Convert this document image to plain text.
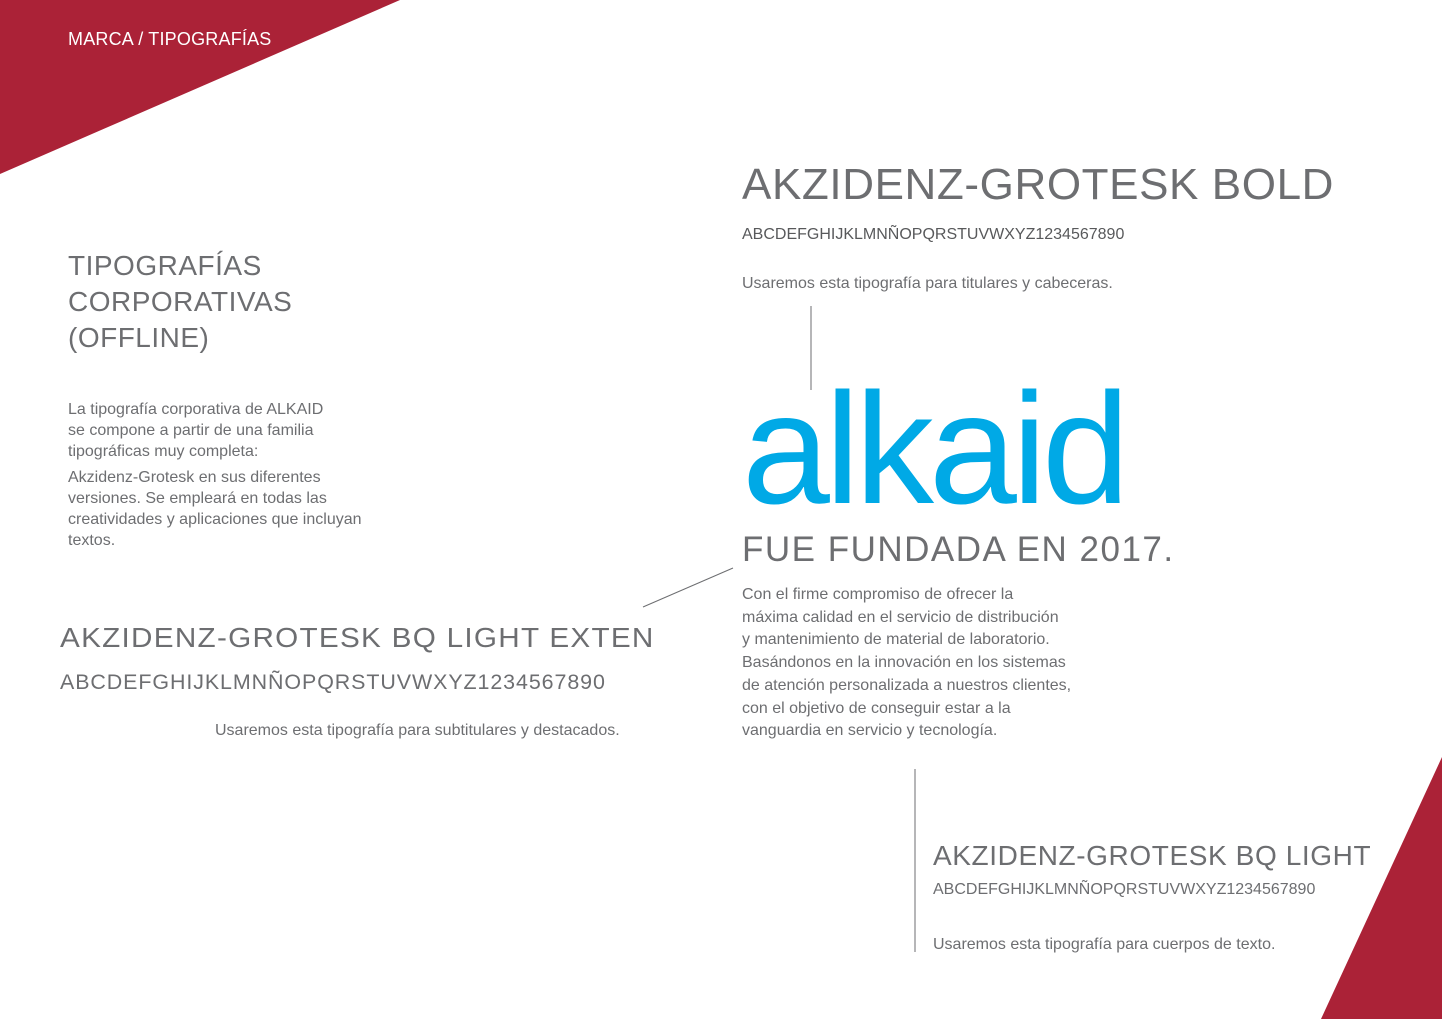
MARCA / TIPOGRAFÍAS
TIPOGRAFÍAS
CORPORATIVAS
(OFFLINE)
La tipografía corporativa de ALKAID
se compone a partir de una familia
tipográficas muy completa:
Akzidenz-Grotesk en sus diferentes
versiones. Se empleará en todas las
creatividades y aplicaciones que incluyan
textos.
AKZIDENZ-GROTESK BQ LIGHT EXTEN
ABCDEFGHIJKLMNÑOPQRSTUVWXYZ1234567890
Usaremos esta tipografía para subtitulares y destacados.
AKZIDENZ-GROTESK BOLD
ABCDEFGHIJKLMNÑOPQRSTUVWXYZ1234567890
Usaremos esta tipografía para titulares y cabeceras.
alkaid
FUE FUNDADA EN 2017.
Con el firme compromiso de ofrecer la
máxima calidad en el servicio de distribución
y mantenimiento de material de laboratorio.
Basándonos en la innovación en los sistemas
de atención personalizada a nuestros clientes,
con el objetivo de conseguir estar a la
vanguardia en servicio y tecnología.
AKZIDENZ-GROTESK BQ LIGHT
ABCDEFGHIJKLMNÑOPQRSTUVWXYZ1234567890
Usaremos esta tipografía para cuerpos de texto.
